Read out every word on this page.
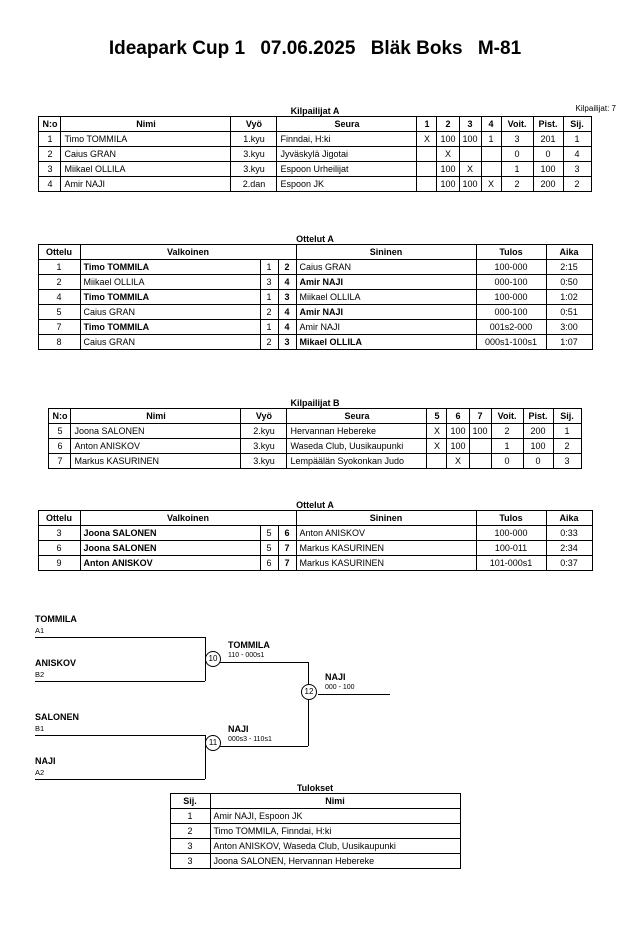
Ideapark Cup 1 07.06.2025 Bläk Boks M-81
Kilpailijat: 7
Kilpailijat A
N:o	Nimi	Vyö	Seura	1	2	3	4	Voit.	Pist.	Sij.
1	Timo TOMMILA	1.kyu	Finndai, H:ki	X	100	100	1	3	201	1
2	Caius GRAN	3.kyu	Jyväskylä Jigotai		X			0	0	4
3	Miikael OLLILA	3.kyu	Espoon Urheilijat		100	X		1	100	3
4	Amir NAJI	2.dan	Espoon JK		100	100	X	2	200	2
Ottelut A
Ottelu	Valkoinen			Sininen	Tulos	Aika
1	Timo TOMMILA	1	2	Caius GRAN	100-000	2:15
2	Miikael OLLILA	3	4	Amir NAJI	000-100	0:50
4	Timo TOMMILA	1	3	Miikael OLLILA	100-000	1:02
5	Caius GRAN	2	4	Amir NAJI	000-100	0:51
7	Timo TOMMILA	1	4	Amir NAJI	001s2-000	3:00
8	Caius GRAN	2	3	Mikael OLLILA	000s1-100s1	1:07
Kilpailijat B
N:o	Nimi	Vyö	Seura	5	6	7	Voit.	Pist.	Sij.
5	Joona SALONEN	2.kyu	Hervannan Hebereke	X	100	100	2	200	1
6	Anton ANISKOV	3.kyu	Waseda Club, Uusikaupunki	X	100		1	100	2
7	Markus KASURINEN	3.kyu	Lempäälän Syokonkan Judo		X		0	0	3
Ottelut A
Ottelu	Valkoinen			Sininen	Tulos	Aika
3	Joona SALONEN	5	6	Anton ANISKOV	100-000	0:33
6	Joona SALONEN	5	7	Markus KASURINEN	100-011	2:34
9	Anton ANISKOV	6	7	Markus KASURINEN	101-000s1	0:37
TOMMILA
A1
ANISKOV
B2
10
TOMMILA
110 - 000s1
SALONEN
B1
NAJI
A2
11
NAJI
000s3 - 110s1
12
NAJI
000 - 100
Tulokset
Sij.	Nimi
1	Amir NAJI, Espoon JK
2	Timo TOMMILA, Finndai, H:ki
3	Anton ANISKOV, Waseda Club, Uusikaupunki
3	Joona SALONEN, Hervannan Hebereke
